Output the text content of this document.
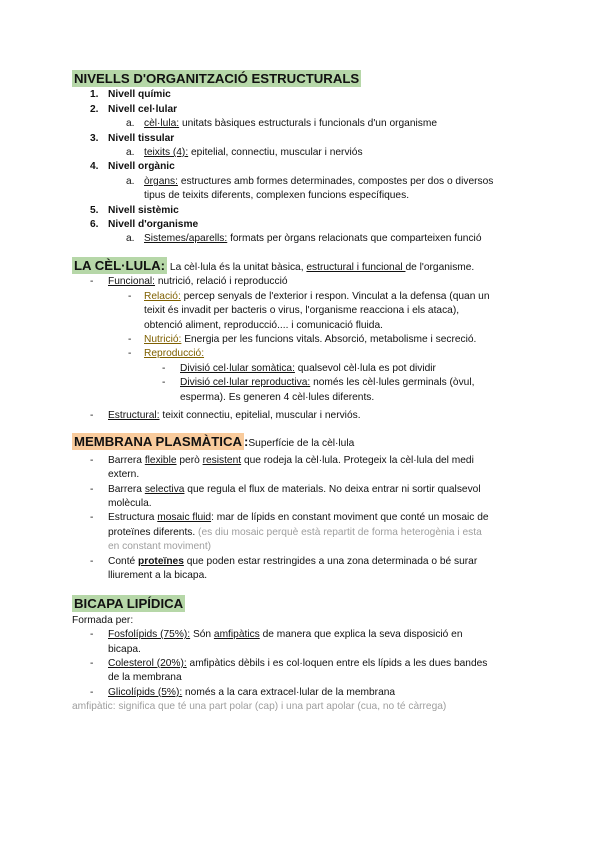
NIVELLS D'ORGANITZACIÓ ESTRUCTURALS
1. Nivell químic
2. Nivell cel·lular
a. cèl·lula: unitats bàsiques estructurals i funcionals d'un organisme
3. Nivell tissular
a. teixits (4): epitelial, connectiu, muscular i nerviós
4. Nivell orgànic
a. òrgans: estructures amb formes determinades, compostes per dos o diversos
tipus de teixits diferents, complexen funcions específiques.
5. Nivell sistèmic
6. Nivell d'organisme
a. Sistemes/aparells: formats per òrgans relacionats que comparteixen funció
LA CÈL·LULA: La cèl·lula és la unitat bàsica, estructural i funcional de l'organisme.
- Funcional: nutrició, relació i reproducció
- Relació: percep senyals de l'exterior i respon. Vinculat a la defensa (quan un
teixit és invadit per bacteris o virus, l'organisme reacciona i els ataca),
obtenció aliment, reproducció.... i comunicació fluida.
- Nutrició: Energia per les funcions vitals. Absorció, metabolisme i secreció.
- Reproducció:
- Divisió cel·lular somàtica: qualsevol cèl·lula es pot dividir
- Divisió cel·lular reproductiva: només les cèl·lules germinals (òvul,
esperma). Es generen 4 cèl·lules diferents.
- Estructural: teixit connectiu, epitelial, muscular i nerviós.
MEMBRANA PLASMÀTICA :Superfície de la cèl·lula
- Barrera flexible però resistent que rodeja la cèl·lula. Protegeix la cèl·lula del medi
extern.
- Barrera selectiva que regula el flux de materials. No deixa entrar ni sortir qualsevol
molècula.
- Estructura mosaic fluid: mar de lípids en constant moviment que conté un mosaic de
proteïnes diferents. (es diu mosaic perquè està repartit de forma heterogènia i esta
en constant moviment)
- Conté proteïnes que poden estar restringides a una zona determinada o bé surar
lliurement a la bicapa.
BICAPA LIPÍDICA
Formada per:
- Fosfolípids (75%): Són amfipàtics de manera que explica la seva disposició en
bicapa.
- Colesterol (20%): amfipàtics dèbils i es col·loquen entre els lípids a les dues bandes
de la membrana
- Glicolípids (5%): només a la cara extracel·lular de la membrana
amfipàtic: significa que té una part polar (cap) i una part apolar (cua, no té càrrega)
